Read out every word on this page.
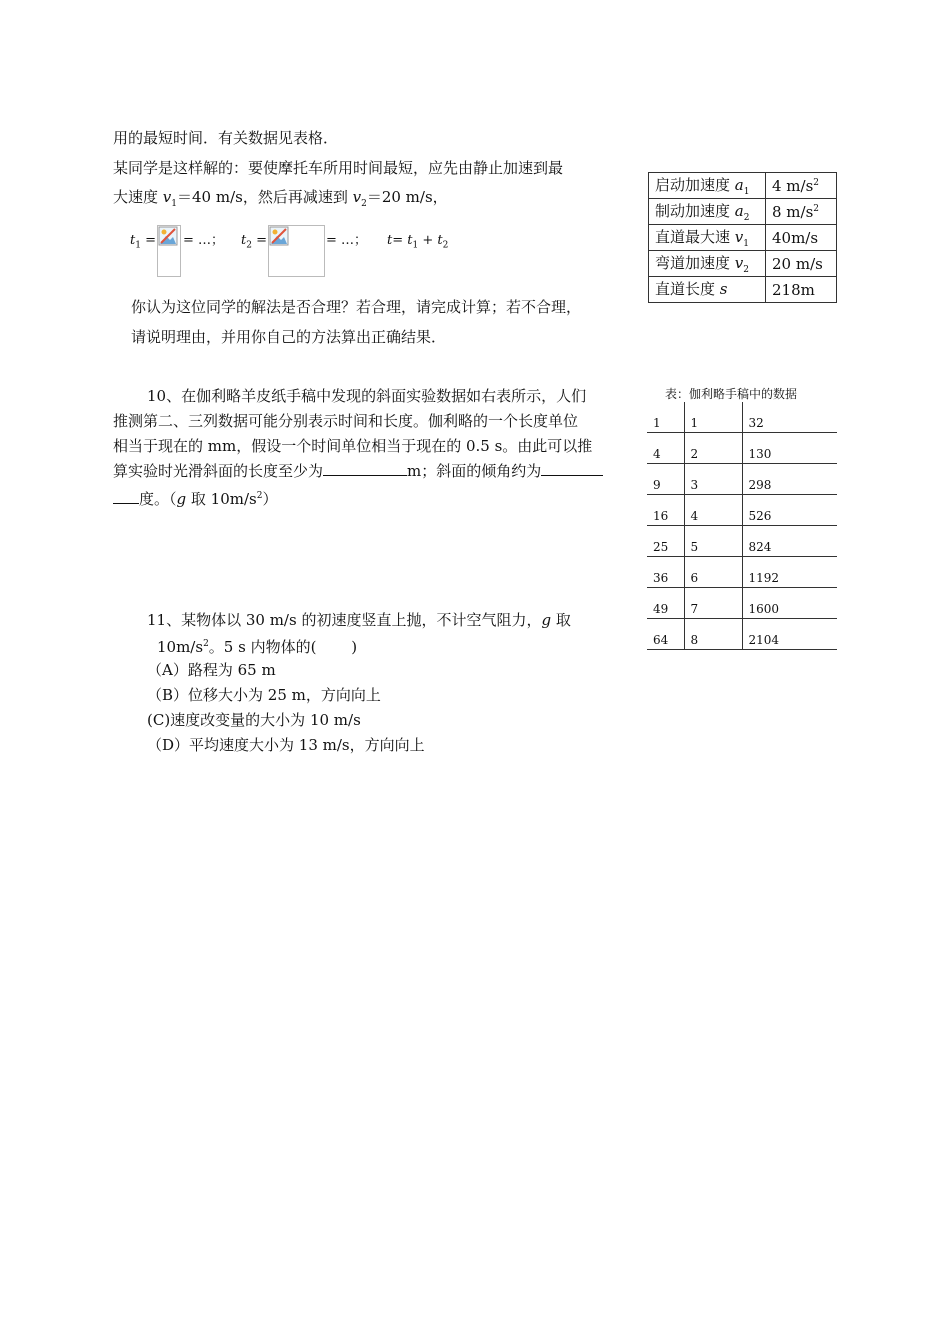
用的最短时间．有关数据见表格．
某同学是这样解的：要使摩托车所用时间最短，应先由静止加速到最
大速度 $v_1=40$ m/s，然后再减速到 $v_2=20$ m/s，
$t_1$ = = …； $t_2$ =	= …； $t= t_1 + t_2$
你认为这位同学的解法是否合理？若合理，请完成计算；若不合理，
请说明理由，并用你自己的方法算出正确结果．
启动加速度 $a_1$	4 $m/s^2$
制动加速度 $a_2$	8 $m/s^2$
直道最大速 $v_1$	40m/s
弯道加速度 $v_2$	20 m/s
直道长度 s	218m
10、在伽利略羊皮纸手稿中发现的斜面实验数据如右表所示，人们
推测第二、三列数据可能分别表示时间和长度。伽利略的一个长度单位
相当于现在的 mm，假设一个时间单位相当于现在的 0.5 s。由此可以推
算实验时光滑斜面的长度至少为	m；斜面的倾角约为
度。（g 取 $10m/s^2$）
表：伽利略手稿中的数据
1	1	32
4	2	130
9	3	298
16	4	526
25	5	824
36	6	1192
49	7	1600
64	8	2104
11、某物体以 30 m/s 的初速度竖直上抛，不计空气阻力，g 取
$10m/s^2$。5 s 内物体的(　　 )
（A）路程为 65 m
（B）位移大小为 25 m，方向向上
(C)速度改变量的大小为 10 m/s
（D）平均速度大小为 13 m/s，方向向上
